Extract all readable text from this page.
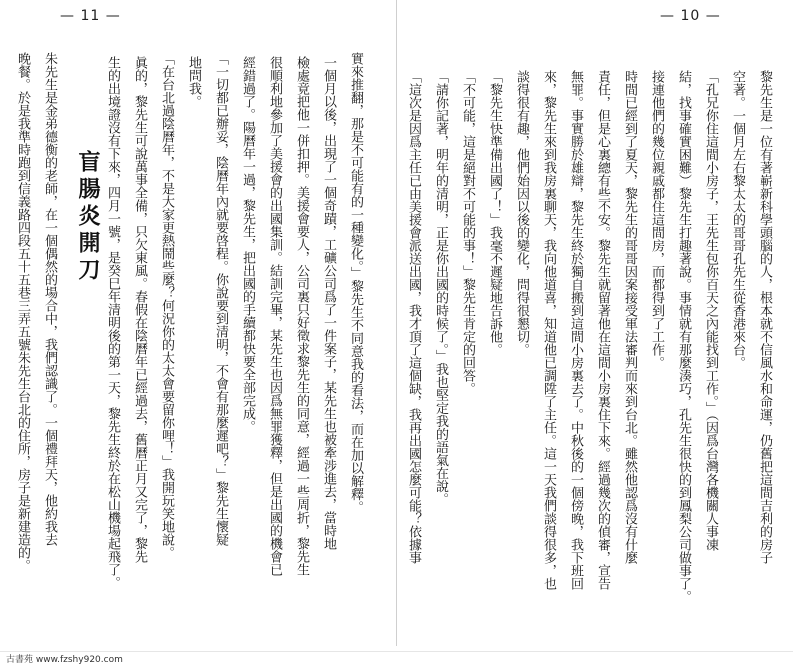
— 11 —
實來推翻，那是不可能有的一種變化。」黎先生不同意我的看法，而在加以解釋。
一個月以後，出現了一個奇蹟，工礦公司爲了一件案子，某先生也被牽涉進去，當時地
檢處竟把他一併扣押。美援會要人，公司裏只好徵求黎先生的同意，經過一些周折，黎先生
很順利地參加了美援會的出國集訓。結訓完畢，某先生也因爲無罪獲釋，但是出國的機會已
經錯過了。陽曆年一過，黎先生，把出國的手續都快要全部完成。
「一切都已辦妥，陰曆年內就要啓程。你說要到清明，不會有那麼遲吧？」黎先生懷疑
地問我。
「在台北過陰曆年，不是大家更熱鬧些麼？何況你的太太會要留你哩！」我開玩笑地說。
眞的，黎先生可說萬事全備，只欠東風。春假在陰曆年已經過去，舊曆正月又完了，黎先
生的出境證沒有下來，四月一號，是癸巳年清明後的第一天，黎先生終於在松山機場起飛了。
盲腸炎開刀
朱先生是金弟德衡的老師，在一個偶然的場合中，我們認識了。一個禮拜天，他約我去
晚餐。於是我準時跑到信義路四段五十五巷三弄五號朱先生台北的住所，房子是新建造的。
— 10 —
黎先生是一位有著嶄新科學頭腦的人，根本就不信風水和命運，仍舊把這間吉利的房子
空著。一個月左右黎太太的哥哥孔先生從香港來台。
「孔兄你住這間小房子，王先生包你百天之內能找到工作。」（因爲台灣各機關人事凍
結，找事確實困難）黎先生打趣著說。事情就有那麼湊巧，孔先生很快的到鳳梨公司做事了。
接連他們的幾位親戚都住這間房，而都得到了工作。
時間已經到了夏天，黎先生的哥哥因案接受軍法審判而來到台北。雖然他認爲沒有什麼
責任，但是心裏總有些不安。黎先生就留著他在這間小房裏住下來。經過幾次的偵審，宣告
無罪。事實勝於雄辯，黎先生終於獨自搬到這間小房裏去了。中秋後的一個傍晚，我下班回
來，黎先生來到我房裏聊天，我向他道喜，知道他已調陞了主任。這一天我們談得很多，也
談得很有趣，他們始因以後的變化，問得很懇切。
「黎先生快準備出國了！」我毫不遲疑地告訴他。
「不可能，這是絕對不可能的事！」黎先生肯定的回答。
「請你記著，明年的清明，正是你出國的時候了。」我也堅定我的語氣在說。
「這次是因爲主任已由美援會派送出國，我才頂了這個缺，我再出國怎麼可能？依據事
古書苑 www.fzshy920.com
